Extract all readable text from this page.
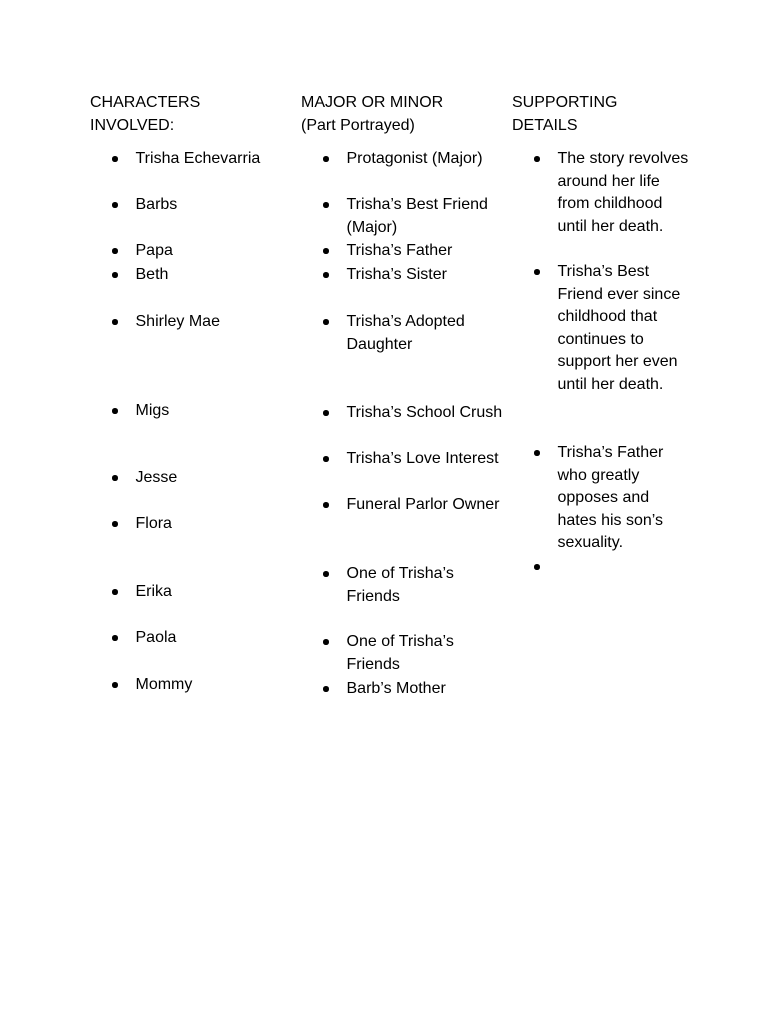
CHARACTERS
INVOLVED:
Trisha Echevarria
Barbs
Papa
Beth
Shirley Mae
Migs
Jesse
Flora
Erika
Paola
Mommy
MAJOR OR MINOR
(Part Portrayed)
Protagonist (Major)
Trisha’s Best Friend (Major)
Trisha’s Father
Trisha’s Sister
Trisha’s Adopted Daughter
Trisha’s School Crush
Trisha’s Love Interest
Funeral Parlor Owner
One of Trisha’s Friends
One of Trisha’s Friends
Barb’s Mother
SUPPORTING
DETAILS
The story revolves around her life from childhood until her death.
Trisha’s Best Friend ever since childhood that continues to support her even until her death.
Trisha’s Father who greatly opposes and hates his son’s sexuality.
